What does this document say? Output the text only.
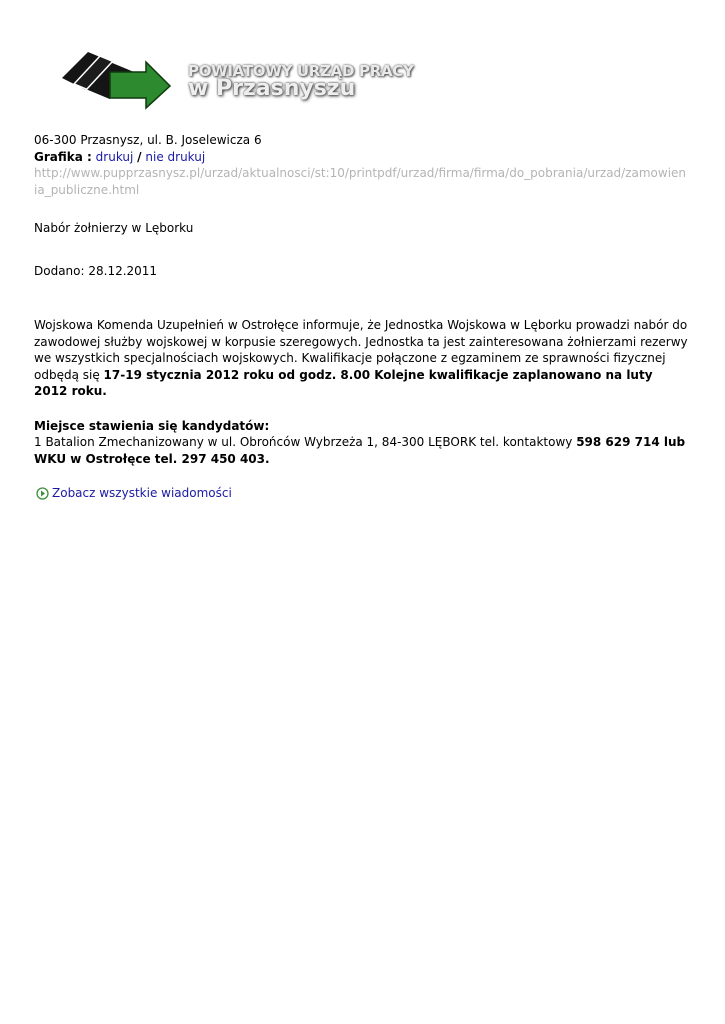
POWIATOWY URZĄD PRACY
w Przasnyszu

06-300 Przasnysz, ul. B. Joselewicza 6

Grafika : drukuj / nie drukuj

http://www.pupprzasnysz.pl/urzad/aktualnosci/st:10/printpdf/urzad/firma/firma/do_pobrania/urzad/zamowienia_publiczne.html

Nabór żołnierzy w Lęborku

Dodano: 28.12.2011

Wojskowa Komenda Uzupełnień w Ostrołęce informuje, że Jednostka Wojskowa w Lęborku prowadzi nabór do zawodowej służby wojskowej w korpusie szeregowych. Jednostka ta jest zainteresowana żołnierzami rezerwy we wszystkich specjalnościach wojskowych. Kwalifikacje połączone z egzaminem ze sprawności fizycznej odbędą się 17-19 stycznia 2012 roku od godz. 8.00 Kolejne kwalifikacje zaplanowano na luty 2012 roku.

Miejsce stawienia się kandydatów:

1 Batalion Zmechanizowany w ul. Obrońców Wybrzeża 1, 84-300 LĘBORK tel. kontaktowy 598 629 714 lub WKU w Ostrołęce tel. 297 450 403.

Zobacz wszystkie wiadomości
